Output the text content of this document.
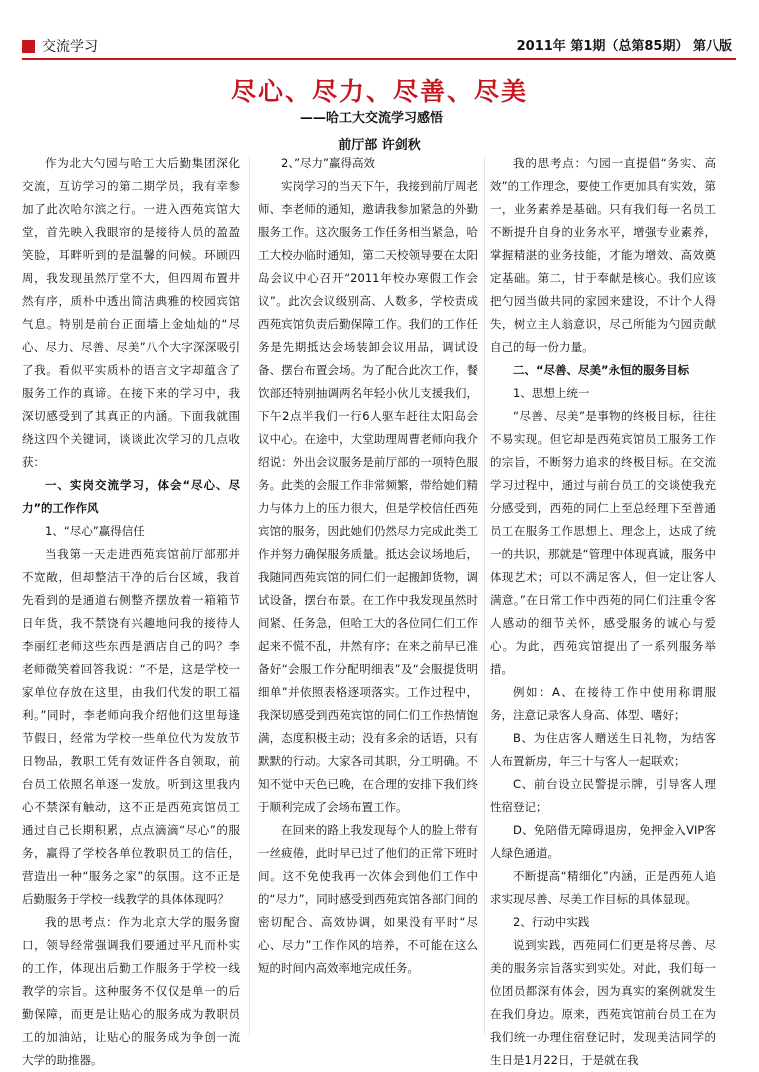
交流学习	2011年 第1期（总第85期） 第八版
尽心、尽力、尽善、尽美
——哈工大交流学习感悟
前厅部 许剑秋

作为北大勺园与哈工大后勤集团深化交流，互访学习的第二期学员，我有幸参加了此次哈尔滨之行。一进入西苑宾馆大堂，首先映入我眼帘的是接待人员的盈盈笑脸，耳畔听到的是温馨的问候。环顾四周，我发现虽然厅堂不大，但四周布置井然有序，质朴中透出简洁典雅的校园宾馆气息。特别是前台正面墙上金灿灿的“尽心、尽力、尽善、尽美”八个大字深深吸引了我。看似平实质朴的语言文字却蕴含了服务工作的真谛。在接下来的学习中，我深切感受到了其真正的内涵。下面我就围绕这四个关键词，谈谈此次学习的几点收获：

一、实岗交流学习，体会“尽心、尽力”的工作作风

1、“尽心”赢得信任

当我第一天走进西苑宾馆前厅部那并不宽敞，但却整洁干净的后台区域，我首先看到的是通道右侧整齐摆放着一箱箱节日年货，我不禁饶有兴趣地问我的接待人李丽红老师这些东西是酒店自己的吗？李老师微笑着回答我说：“不是，这是学校一家单位存放在这里，由我们代发的职工福利。”同时，李老师向我介绍他们这里每逢节假日，经常为学校一些单位代为发放节日物品，教职工凭有效证件各自领取，前台员工依照名单逐一发放。听到这里我内心不禁深有触动，这不正是西苑宾馆员工通过自己长期积累，点点滴滴“尽心”的服务，赢得了学校各单位教职员工的信任，营造出一种“服务之家”的氛围。这不正是后勤服务于学校一线教学的具体体现吗？

我的思考点：作为北京大学的服务窗口，领导经常强调我们要通过平凡而朴实的工作，体现出后勤工作服务于学校一线教学的宗旨。这种服务不仅仅是单一的后勤保障，而更是让贴心的服务成为教职员工的加油站，让贴心的服务成为争创一流大学的助推器。

2、”尽力”赢得高效

实岗学习的当天下午，我接到前厅周老师、李老师的通知，邀请我参加紧急的外勤服务工作。这次服务工作任务相当紧急，哈工大校办临时通知，第二天校领导要在太阳岛会议中心召开“2011年校办寒假工作会议”。此次会议级别高、人数多，学校责成西苑宾馆负责后勤保障工作。我们的工作任务是先期抵达会场装卸会议用品，调试设备、摆台布置会场。为了配合此次工作，餐饮部还特别抽调两名年轻小伙儿支援我们，下午2点半我们一行6人驱车赶往太阳岛会议中心。在途中，大堂助理周曹老师向我介绍说：外出会议服务是前厅部的一项特色服务。此类的会服工作非常频繁，带给她们精力与体力上的压力很大，但是学校信任西苑宾馆的服务，因此她们仍然尽力完成此类工作并努力确保服务质量。抵达会议场地后，我随同西苑宾馆的同仁们一起搬卸货物，调试设备，摆台布景。在工作中我发现虽然时间紧、任务急，但哈工大的各位同仁们工作起来不慌不乱，井然有序；在来之前早已准备好“会服工作分配明细表”及“会服提货明细单”并依照表格逐项落实。工作过程中，我深切感受到西苑宾馆的同仁们工作热情饱满，态度积极主动；没有多余的话语，只有默默的行动。大家各司其职，分工明确。不知不觉中天色已晚，在合理的安排下我们终于顺利完成了会场布置工作。

在回来的路上我发现每个人的脸上带有一丝疲倦，此时早已过了他们的正常下班时间。这不免使我再一次体会到他们工作中的“尽力”，同时感受到西苑宾馆各部门间的密切配合、高效协调，如果没有平时“尽心、尽力”工作作风的培养，不可能在这么短的时间内高效率地完成任务。

我的思考点：勺园一直提倡“务实、高效”的工作理念，要使工作更加具有实效，第一，业务素养是基础。只有我们每一名员工不断提升自身的业务水平，增强专业素养，掌握精湛的业务技能，才能为增效、高效奠定基础。第二，甘于奉献是核心。我们应该把勺园当做共同的家园来建设，不计个人得失，树立主人翁意识，尽己所能为勺园贡献自己的每一份力量。

二、“尽善、尽美”永恒的服务目标

1、思想上统一

“尽善、尽美”是事物的终极目标，往往不易实现。但它却是西苑宾馆员工服务工作的宗旨，不断努力追求的终极目标。在交流学习过程中，通过与前台员工的交谈使我充分感受到，西苑的同仁上至总经理下至普通员工在服务工作思想上、理念上，达成了统一的共识，那就是“管理中体现真诚，服务中体现艺术；可以不满足客人，但一定让客人满意。”在日常工作中西苑的同仁们注重令客人感动的细节关怀，感受服务的诚心与爱心。为此，西苑宾馆提出了一系列服务举措。

例如：A、在接待工作中使用称谓服务，注意记录客人身高、体型、嗜好；

B、为住店客人赠送生日礼物，为结客人布置新房，年三十与客人一起联欢；

C、前台设立民警提示牌，引导客人理性宿登记；

D、免陪借无障碍退房，免押金入VIP客人绿色通道。

不断提高“精细化”内涵，正是西苑人追求实现尽善、尽美工作目标的具体显现。

2、行动中实践

说到实践，西苑同仁们更是将尽善、尽美的服务宗旨落实到实处。对此，我们每一位团员都深有体会，因为真实的案例就发生在我们身边。原来，西苑宾馆前台员工在为我们统一办理住宿登记时，发现美洁同学的生日是1月22日，于是就在我
